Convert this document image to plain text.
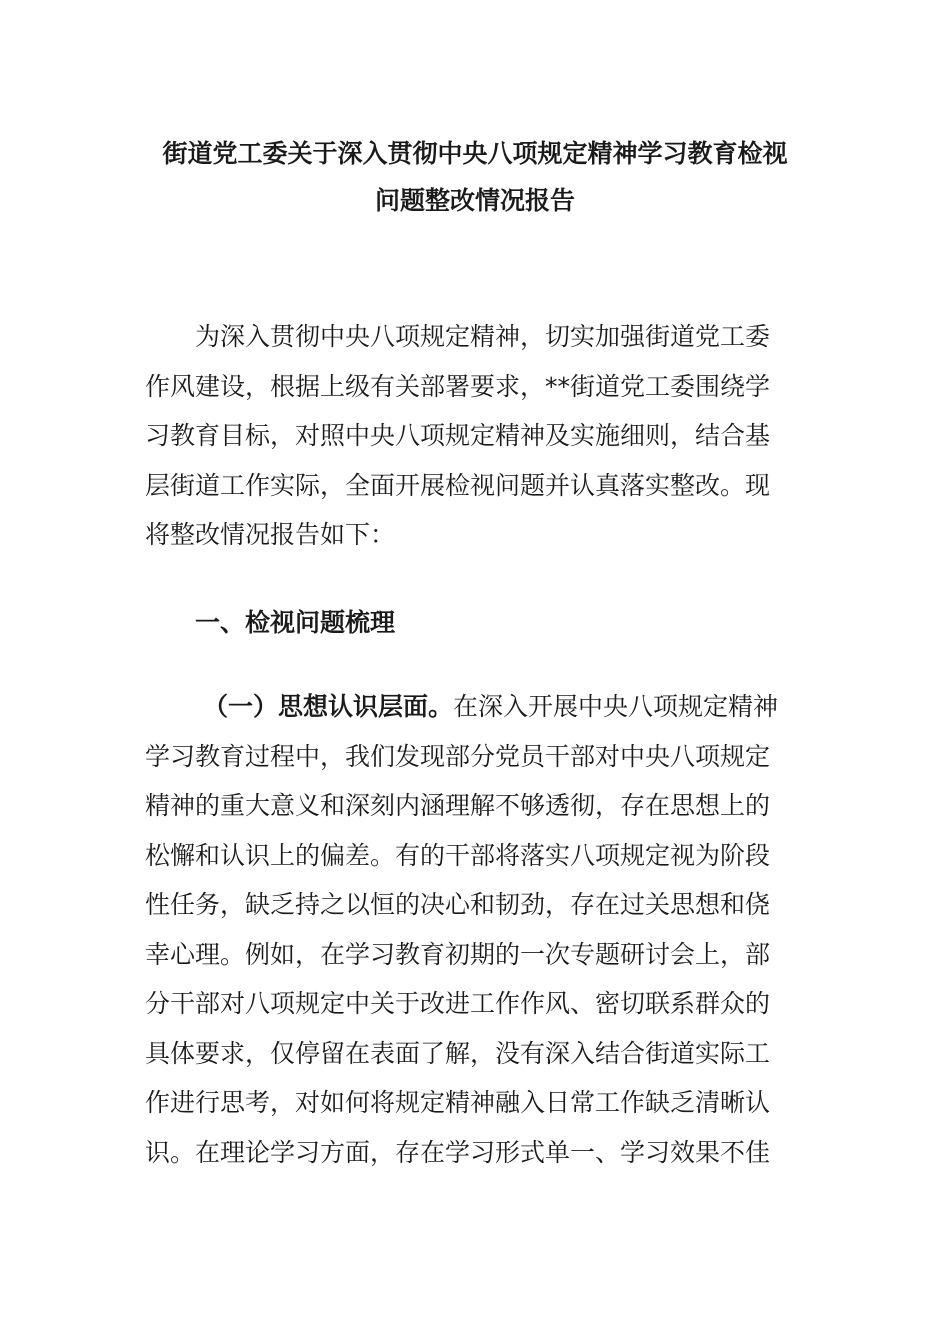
街道党工委关于深入贯彻中央八项规定精神学习教育检视
问题整改情况报告

为深入贯彻中央八项规定精神，切实加强街道党工委
作风建设，根据上级有关部署要求，**街道党工委围绕学
习教育目标，对照中央八项规定精神及实施细则，结合基
层街道工作实际，全面开展检视问题并认真落实整改。现
将整改情况报告如下：

一、检视问题梳理

（一）思想认识层面。在深入开展中央八项规定精神
学习教育过程中，我们发现部分党员干部对中央八项规定
精神的重大意义和深刻内涵理解不够透彻，存在思想上的
松懈和认识上的偏差。有的干部将落实八项规定视为阶段
性任务，缺乏持之以恒的决心和韧劲，存在过关思想和侥
幸心理。例如，在学习教育初期的一次专题研讨会上，部
分干部对八项规定中关于改进工作作风、密切联系群众的
具体要求，仅停留在表面了解，没有深入结合街道实际工
作进行思考，对如何将规定精神融入日常工作缺乏清晰认
识。在理论学习方面，存在学习形式单一、学习效果不佳
